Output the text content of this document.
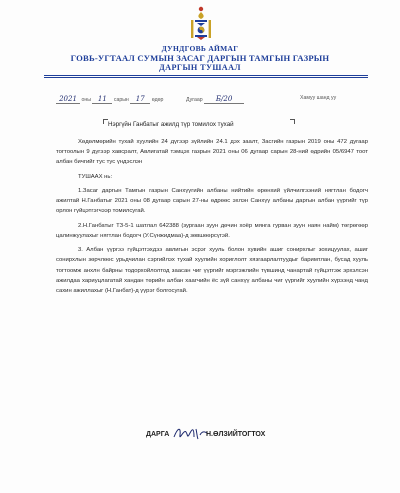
ДУНДГОВЬ АЙМАГ
ГОВЬ-УГТААЛ СУМЫН ЗАСАГ ДАРГЫН ТАМГЫН ГАЗРЫН
ДАРГЫН ТУШААЛ
2021 оны 11 сарын 17 өдөр	Дугаар Б/20	Хамуу шанд уу
Нэргүйн Ганбатыг ажилд түр томилох тухай

Хөдөлмөрийн тухай хуулийн 24 дүгээр зүйлийн 24.1 дэх заалт, Засгийн газрын 2019 оны 472 дугаар тогтоолын 9 дүгээр хавсралт, Авлигатай тэмцэх газрын 2021 оны 06 дугаар сарын 28-ний өдрийн 05/6947 тоот албан бичгийг тус тус үндэслэн

ТУШААХ нь:

1.Засаг даргын Тамгын газрын Санхүүгийн албаны нийтийн өрөнхий үйлчилгээний нягтлан бодогч ажилтай Н.Ганбатыг 2021 оны 08 дугаар сарын 27-ны өдрөөс эхлэн Санхүү албаны даргын албан үүргийг түр орлон гүйцэтгэгчээр томилсугай.

2.Н.Ганбатыг ТЗ-5-1 шатлал 642388 (зургаан зуун дөчин хоёр мянга гурван зуун наян найм) төгрөгөөр цалинжуулахыг нягтлан бодогч (У.Сүнжидмаа)-д зөвшөөрсүгэй.

3. Албан үүргээ гүйцэтгэхдээ авлигын эсрэг хууль болон хувийн ашиг сонирхлыг зохицуулах, ашиг сонирхлын зөрчлөөс урьдчилан сэргийлэх тухай хуулийн хориглолт хязгаарлалтуудыг баримтлан, бусад хууль тогтоомж анхлн байрны тодорхойлолтод заасан чиг үүргийг мэргэжлийн түвшинд чанартай гүйцэтгэж эрхэлсэн ажилдаа хариуцлагатай хандан төрийн албан хаагчийн ёс зүй санхүү албаны чиг үүргийг хуулийн хүрээнд чанд сахин ажиллахыг (Н.Ганбат)-д үүрэг болгосугай.

ДАРГА	Н.ӨЛЗИЙТОГТОХ
